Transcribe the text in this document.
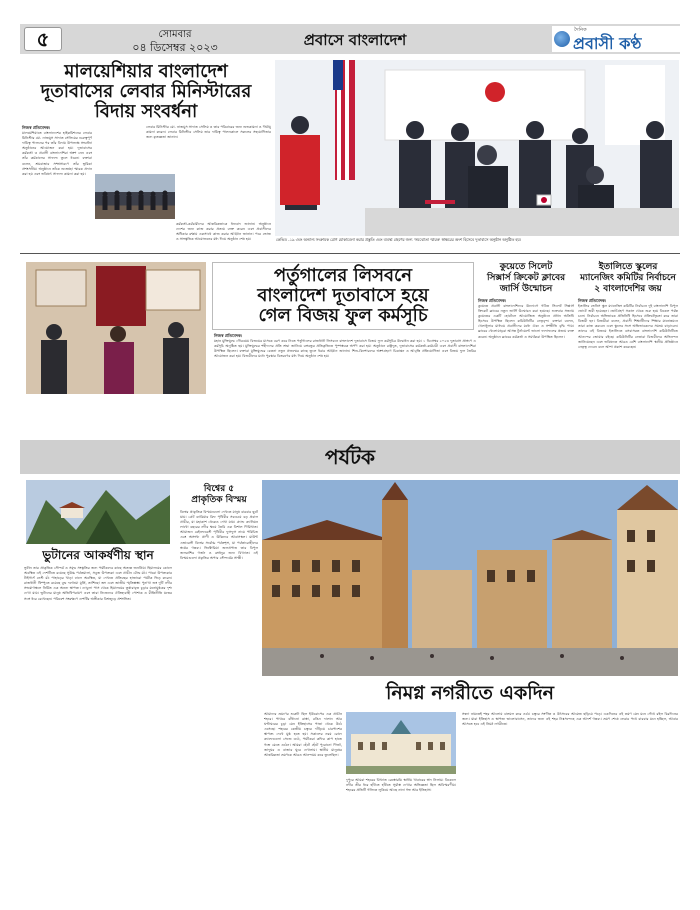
৫	সোমবার
০৪ ডিসেম্বর ২০২৩	প্রবাসে বাংলাদেশ
দৈনিক
প্রবাসী কণ্ঠ
মালয়েশিয়ার বাংলাদেশ
দূতাবাসের লেবার মিনিস্টারের
বিদায় সংবর্ধনা
নিজস্ব প্রতিবেদক।
মালয়েশিয়াতে বাংলাদেশের হাইকমিশনের লেবার মিনিস্টার মো. নাজমুস সাদাত সেলিমের গুরুত্বপূর্ণ দায়িত্ব পালনের পর তাঁর বিদায় উপলক্ষে সংবর্ধনা অনুষ্ঠানের আয়োজন করা হয়। দূতাবাসের কর্মকর্তা ও প্রবাসী বাংলাদেশিরা অংশ নেন এবং তাঁর কর্মকালের সাফল্য তুলে ধরেন। বক্তারা বলেন, শ্রমবাজার সম্প্রসারণে তাঁর ভূমিকা প্রশংসনীয়। অনুষ্ঠানে তাঁকে শুভেচ্ছা স্মারক প্রদান করা হয় এবং ভবিষ্যৎ সাফল্য কামনা করা হয়।
লেবার মিনিস্টার মো. নাজমুস সাদাত সেলিম ও তার পরিবারের জন্য শুভকামনা ও দীর্ঘায়ু কামনা করেন। লেবার মিনিস্টার সেলিম তার দায়িত্ব পালনকালে সকলের সহযোগিতার জন্য কৃতজ্ঞতা জানান।
কর্মকর্তা-কর্মচারীদের আন্তরিকতাকে ধন্যবাদ জানান। অনুষ্ঠানে দেশের জন্য কাজ করার প্রত্যয় ব্যক্ত করেন এবং প্রবাসীদের অধিকার রক্ষায় একসাথে কাজ করার আহ্বান জানান। পরে ভোজ ও সাংস্কৃতিক আয়োজনের মধ্য দিয়ে অনুষ্ঠান শেষ হয়।	কেভিড -১৯ এবং অন্যান্য সংক্রামক রোগ মোকাবেলা করার প্রস্তুতি এবং ব্যবস্থা গ্রহণের জন্য 'সমঝোতা স্মারক' স্বাক্ষরের অংশ হিসেবে দূতাবাসে অনুষ্ঠান অনুষ্ঠিত হয়।
পর্তুগালের লিসবনে
বাংলাদেশ দূতাবাসে হয়ে
গেল বিজয় ফুল কর্মসূচি
নিজস্ব প্রতিবেদক।
মহান মুক্তিযুদ্ধে গৌরবময় বিজয়ের মাসকে বরণ করে নিতে পর্তুগালের রাজধানী লিসবনে বাংলাদেশ দূতাবাসে বিজয় ফুল কর্মসূচির উদ্বোধন করা হয়। ১ ডিসেম্বর ২০২৩ দূতাবাস প্রাঙ্গণে এ কর্মসূচি অনুষ্ঠিত হয়। মুক্তিযুদ্ধের শহীদদের প্রতি শ্রদ্ধা জানিয়ে বঙ্গবন্ধুর প্রতিকৃতিতে পুষ্পস্তবক অর্পণ করা হয়। অনুষ্ঠানে রাষ্ট্রদূত, দূতাবাসের কর্মকর্তা-কর্মচারী এবং প্রবাসী বাংলাদেশিরা উপস্থিত ছিলেন। বক্তারা মুক্তিযুদ্ধের চেতনা নতুন প্রজন্মের কাছে তুলে ধরার আহ্বান জানান। শিশু-কিশোরদের অংশগ্রহণে চিত্রাঙ্কন ও আবৃত্তি প্রতিযোগিতা এবং বিজয় ফুল তৈরির আয়োজন করা হয়। বিজয়ীদের মধ্যে পুরস্কার বিতরণের মধ্য দিয়ে অনুষ্ঠান শেষ হয়।
কুয়েতে সিলেট
সিক্সার্স ক্রিকেট ক্লাবের
জার্সি উন্মোচন
নিজস্ব প্রতিবেদক।
কুয়েতে প্রবাসী বাংলাদেশিদের উদ্যোগে গঠিত সিলেট সিক্সার্স ক্রিকেট ক্লাবের নতুন জার্সি উন্মোচন করা হয়েছে। শুক্রবার সন্ধ্যায় কুয়েতের একটি হোটেলে আয়োজিত অনুষ্ঠানে প্রধান অতিথি হিসেবে উপস্থিত ছিলেন কমিউনিটির নেতৃবৃন্দ। বক্তারা বলেন, খেলাধুলার মাধ্যমে প্রবাসীদের মধ্যে ঐক্য ও সম্প্রীতি বৃদ্ধি পায়। ক্লাবের খেলোয়াড়রা আসন্ন টুর্নামেন্টে ভালো ফলাফলের প্রত্যয় ব্যক্ত করেন। অনুষ্ঠানে ক্লাবের কর্মকর্তা ও সমর্থকরা উপস্থিত ছিলেন।
ইতালিতে স্কুলের
ম্যানেজিং কমিটির নির্বাচনে
২ বাংলাদেশির জয়
নিজস্ব প্রতিবেদক।
ইতালির ভেনিস স্কুল ম্যানেজিং কমিটির নির্বাচনে দুই বাংলাদেশি বিপুল ভোটে জয়ী হয়েছেন। ভোটগ্রহণ সকাল থেকে শুরু হয়ে বিকেল পর্যন্ত চলে। নির্বাচনে অভিভাবক প্রতিনিধি হিসেবে প্রতিদ্বন্দ্বিতা করে তারা বিজয়ী হন। বিজয়ীরা বলেন, প্রবাসী শিক্ষার্থীদের শিক্ষার মানোন্নয়নে তারা কাজ করবেন এবং স্কুলের সঙ্গে অভিভাবকদের সমন্বয় বাড়াবেন। তাদের এই বিজয়ে ইতালিতে বসবাসরত বাংলাদেশি কমিউনিটিতে আনন্দের জোয়ার বইছে। কমিউনিটির নেতারা বিজয়ীদের অভিনন্দন জানিয়েছেন এবং ভবিষ্যতে আরও বেশি বাংলাদেশি স্থানীয় প্রতিষ্ঠানে নেতৃত্ব দেবেন বলে আশা প্রকাশ করেছেন।
পর্যটক
ভুটানের আকর্ষণীয় স্থান
ভুটান তার প্রাকৃতিক সৌন্দর্য ও সমৃদ্ধ সংস্কৃতির জন্য পর্যটকদের কাছে অত্যন্ত জনপ্রিয়। হিমালয়ের কোলে অবস্থিত এই দেশটিতে রয়েছে সুউচ্চ পর্বতমালা, সবুজ উপত্যকা এবং প্রাচীন বৌদ্ধ মঠ। পারো উপত্যকার টাইগার্স নেস্ট মঠ পাহাড়ের খাড়া ঢালে অবস্থিত, যা দেখতে প্রতিবছর হাজারো পর্যটক ভিড় করেন। রাজধানী থিম্পুতে রয়েছে বুদ্ধ দর্দেনমা মূর্তি, তাশিছো জং এবং জাতীয় স্মৃতিস্তম্ভ। পুনাখা জং দুটি নদীর সংযোগস্থলে নির্মিত এক অনন্য স্থাপত্য। দোচুলা পাস থেকে হিমালয়ের তুষারাবৃত চূড়ার মনোমুগ্ধকর দৃশ্য দেখা যায়। ভুটানের মানুষ অতিথিপরায়ণ এবং তারা নিজেদের ঐতিহ্যবাহী পোশাক ও রীতিনীতি যত্নের সঙ্গে ধরে রেখেছেন। পরিবেশ সংরক্ষণে দেশটির অঙ্গীকার বিশ্বজুড়ে প্রশংসিত।
বিশ্বের ৫
প্রাকৃতিক বিস্ময়
বিশ্বের প্রাকৃতিক বিস্ময়গুলো দেখতে মানুষ বারবার ছুটে যায়। গ্রেট ব্যারিয়ার রিফ পৃথিবীর সবচেয়ে বড় প্রবাল প্রাচীর, যা মহাকাশ থেকেও দেখা যায়। গ্র্যান্ড ক্যানিয়ন লাখো বছরের নদীর ক্ষয়ে তৈরি এক বিশাল গিরিখাত। আমাজন রেইনফরেস্ট পৃথিবীর ফুসফুস নামে পরিচিত এবং অসংখ্য প্রাণী ও উদ্ভিদের আবাসস্থল। মাউন্ট এভারেস্ট বিশ্বের সর্বোচ্চ পর্বতশৃঙ্গ, যা পর্বতারোহীদের স্বপ্নের গন্তব্য। ভিক্টোরিয়া জলপ্রপাত তার বিপুল জলরাশির গর্জন ও রংধনুর জন্য বিখ্যাত। এই বিস্ময়গুলো প্রকৃতির অপার সৌন্দর্যের সাক্ষী।
নিমগ্ন নগরীতে একদিন
আমাদের ভ্রমণের শুরুটা ছিল ইউরোপের এক প্রাচীন শহরে। পাথরে বাঁধানো রাস্তা, রঙিন দালান আর ঘণ্টাঘরের চূড়া যেন ইতিহাসের পাতা থেকে উঠে এসেছে। শহরের কেন্দ্রীয় চত্বরে দাঁড়িয়ে চারপাশের স্থাপত্য দেখে মুগ্ধ হতে হয়। সকালের নরম রোদে ক্যাফেগুলো সেজে ওঠে, পর্যটকরা কফির কাপ হাতে গল্পে মেতে ওঠেন। আমরা হেঁটে হেঁটে পুরোনো গির্জা, জাদুঘর ও বাজার ঘুরে দেখলাম। স্থানীয় মানুষের আন্তরিকতা ভ্রমণকে আরও আনন্দময় করে তুলেছিল।
দুপুরে আমরা শহরের বিখ্যাত রেস্তোরাঁয় স্থানীয় খাবারের স্বাদ নিলাম। বিকেলে নদীর তীর ধরে হাঁটতে হাঁটতে সূর্যাস্ত দেখার অভিজ্ঞতা ছিল অবিস্মরণীয়। শহরের প্রতিটি গলিতে লুকিয়ে আছে নানা গল্প আর ইতিহাস।
সন্ধ্যা নামতেই শহর আলোয় ঝলমল করে ওঠে। চত্বরে সংগীত ও উৎসবের আমেজ ছড়িয়ে পড়ে। একদিনের এই ভ্রমণ যেন মনে গেঁথে রইল চিরদিনের জন্য। যারা ইতিহাস ও স্থাপত্য ভালোবাসেন, তাদের জন্য এই শহর নিঃসন্দেহে এক আদর্শ গন্তব্য। ভ্রমণ শেষে ফেরার পথে বারবার মনে হচ্ছিল, আবার আসতে হবে এই নিমগ্ন নগরীতে।
